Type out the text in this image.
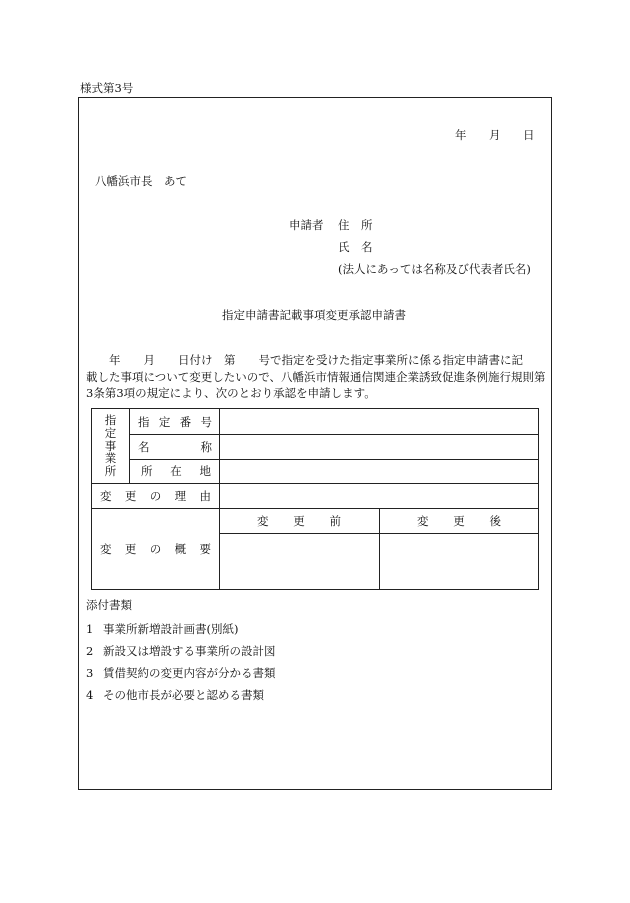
様式第3号
年 月 日
八幡浜市長　あて
申請者 住　所
氏　名
(法人にあっては名称及び代表者氏名)
指定申請書記載事項変更承認申請書
　　年　　月　　日付け　第　　号で指定を受けた指定事業所に係る指定申請書に記
載した事項について変更したいので、八幡浜市情報通信関連企業誘致促進条例施行規則第
3条第3項の規定により、次のとおり承認を申請します。
指
定
事
業
所
指 定 番 号
名	称
所 在 地
変 更 の 理 由
変 更 の 概 要
変 更 前	変 更 後
添付書類
1 事業所新増設計画書(別紙)
2 新設又は増設する事業所の設計図
3 賃借契約の変更内容が分かる書類
4 その他市長が必要と認める書類
